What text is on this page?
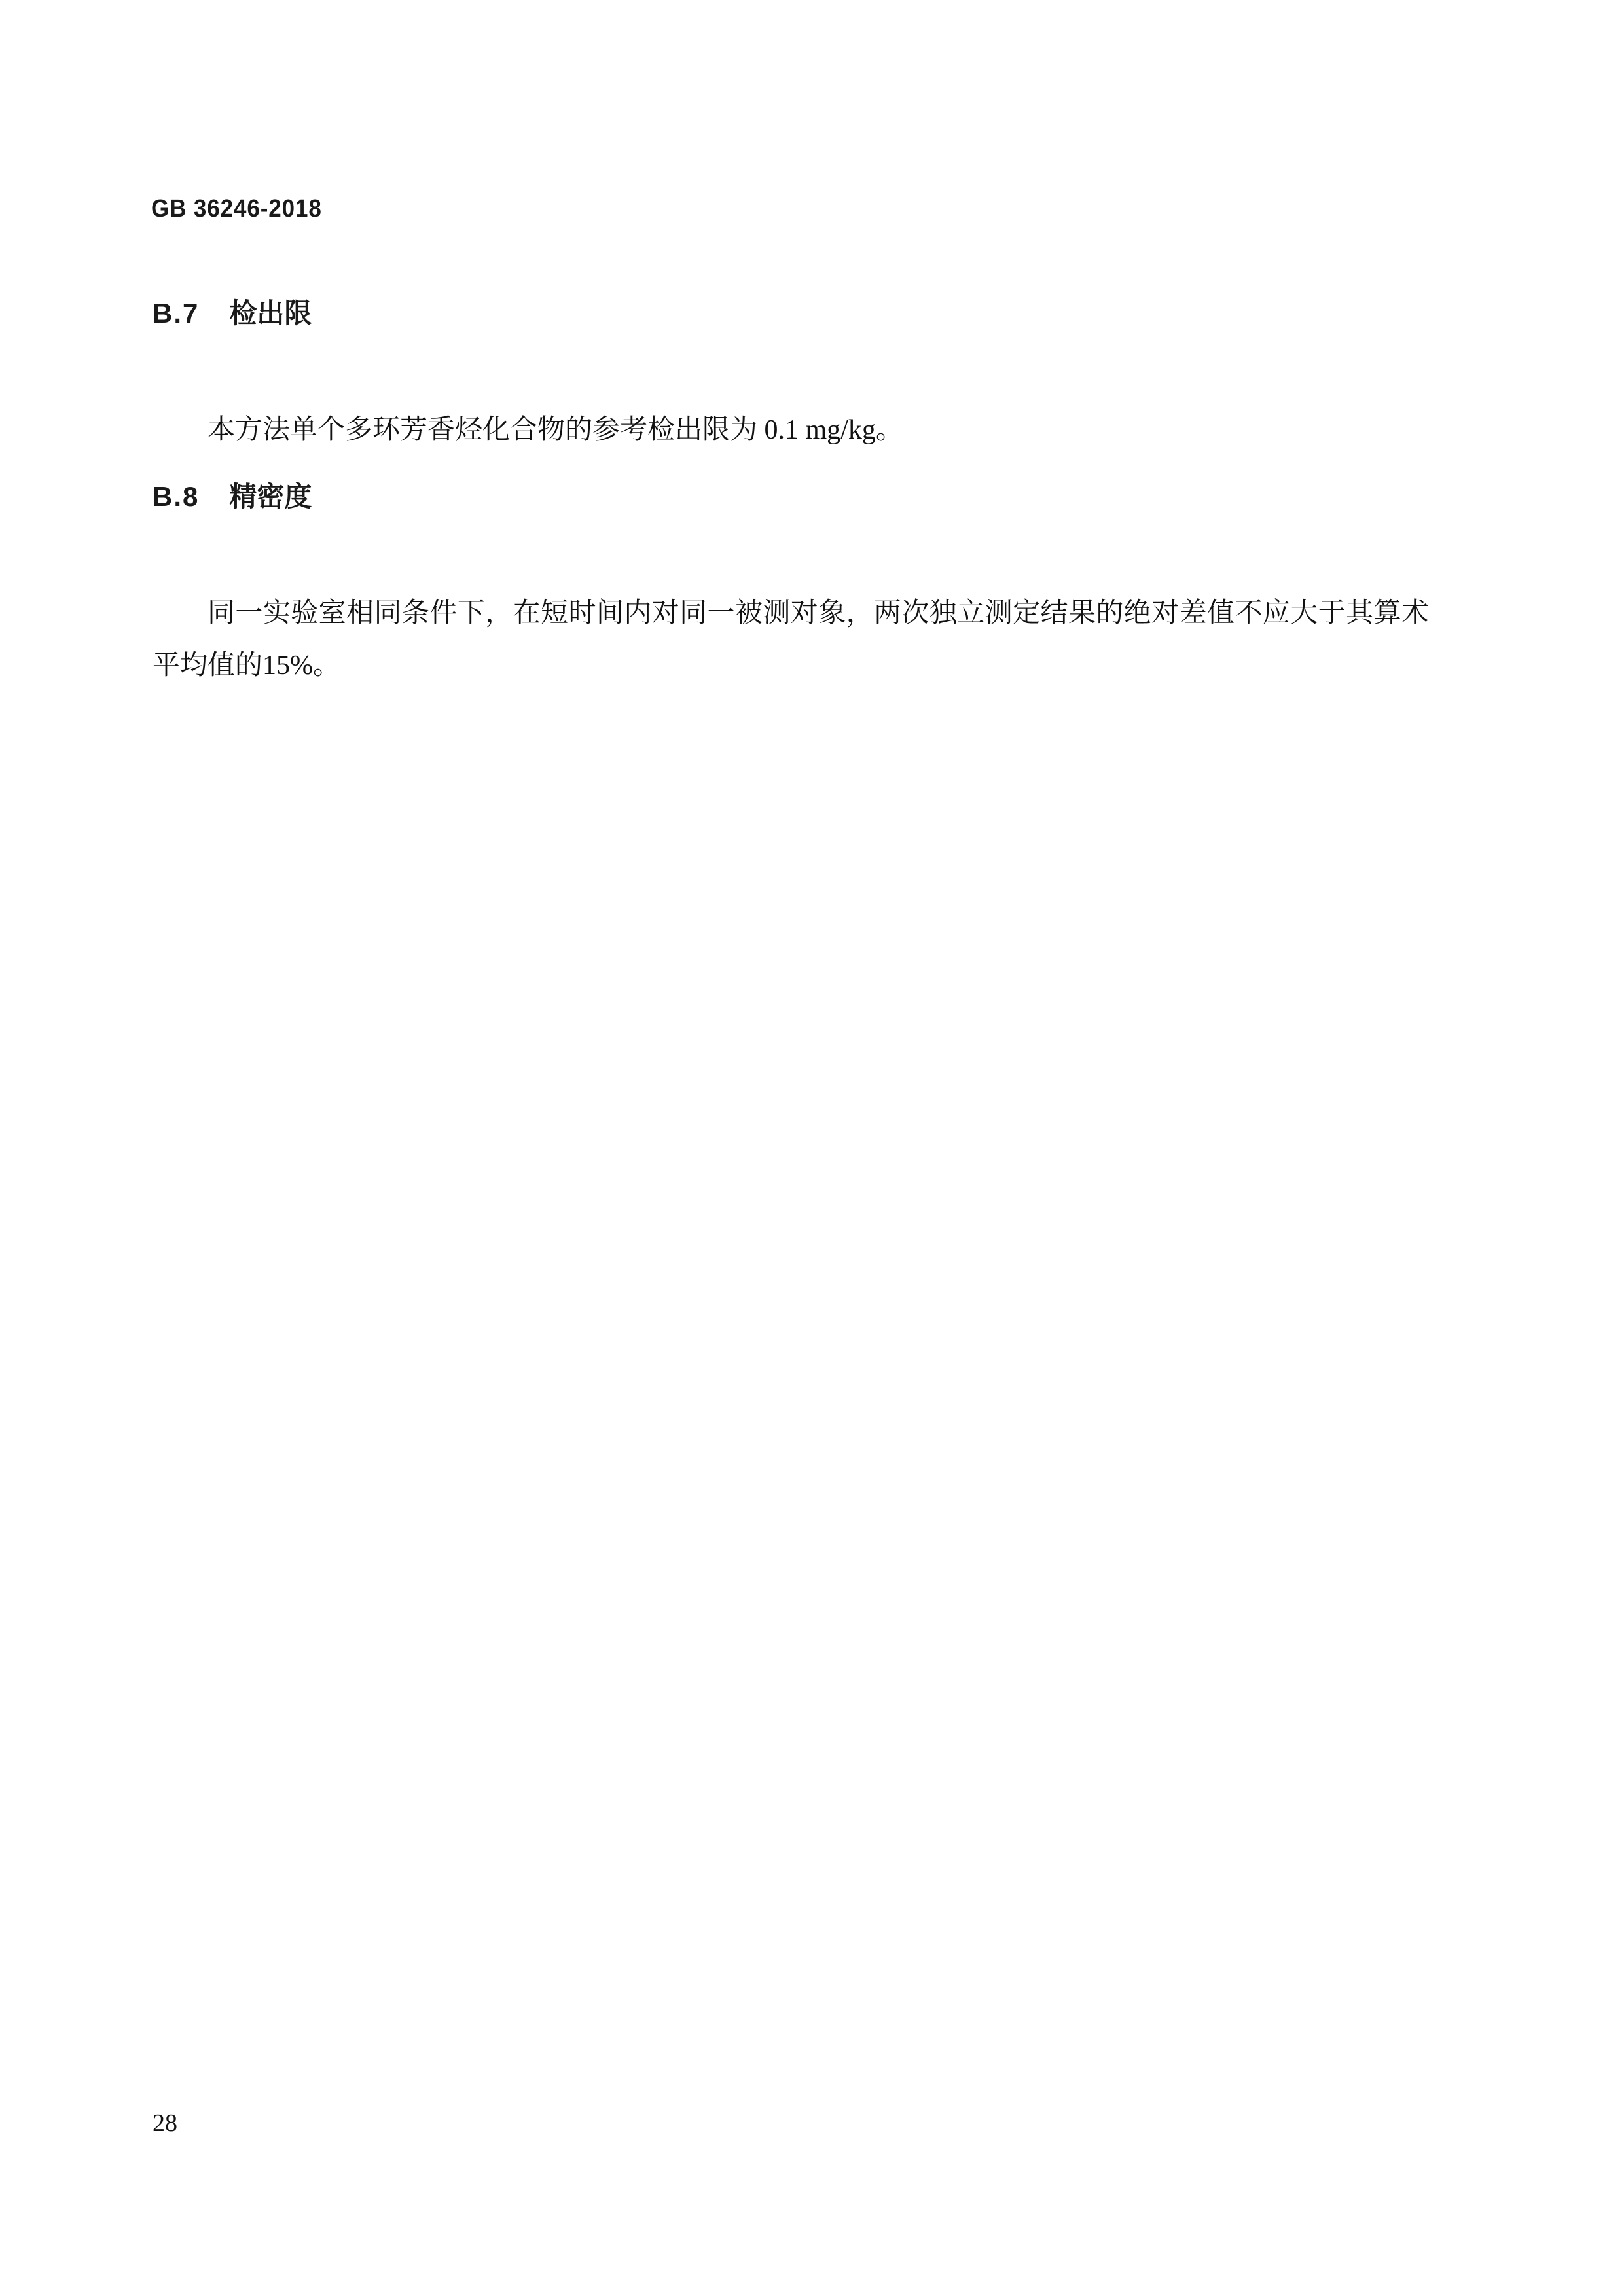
GB 36246-2018
B.7 检出限

本方法单个多环芳香烃化合物的参考检出限为 0.1 mg/kg。

B.8 精密度

同一实验室相同条件下，在短时间内对同一被测对象，两次独立测定结果的绝对差值不应大于其算术平均值的15%。

28
